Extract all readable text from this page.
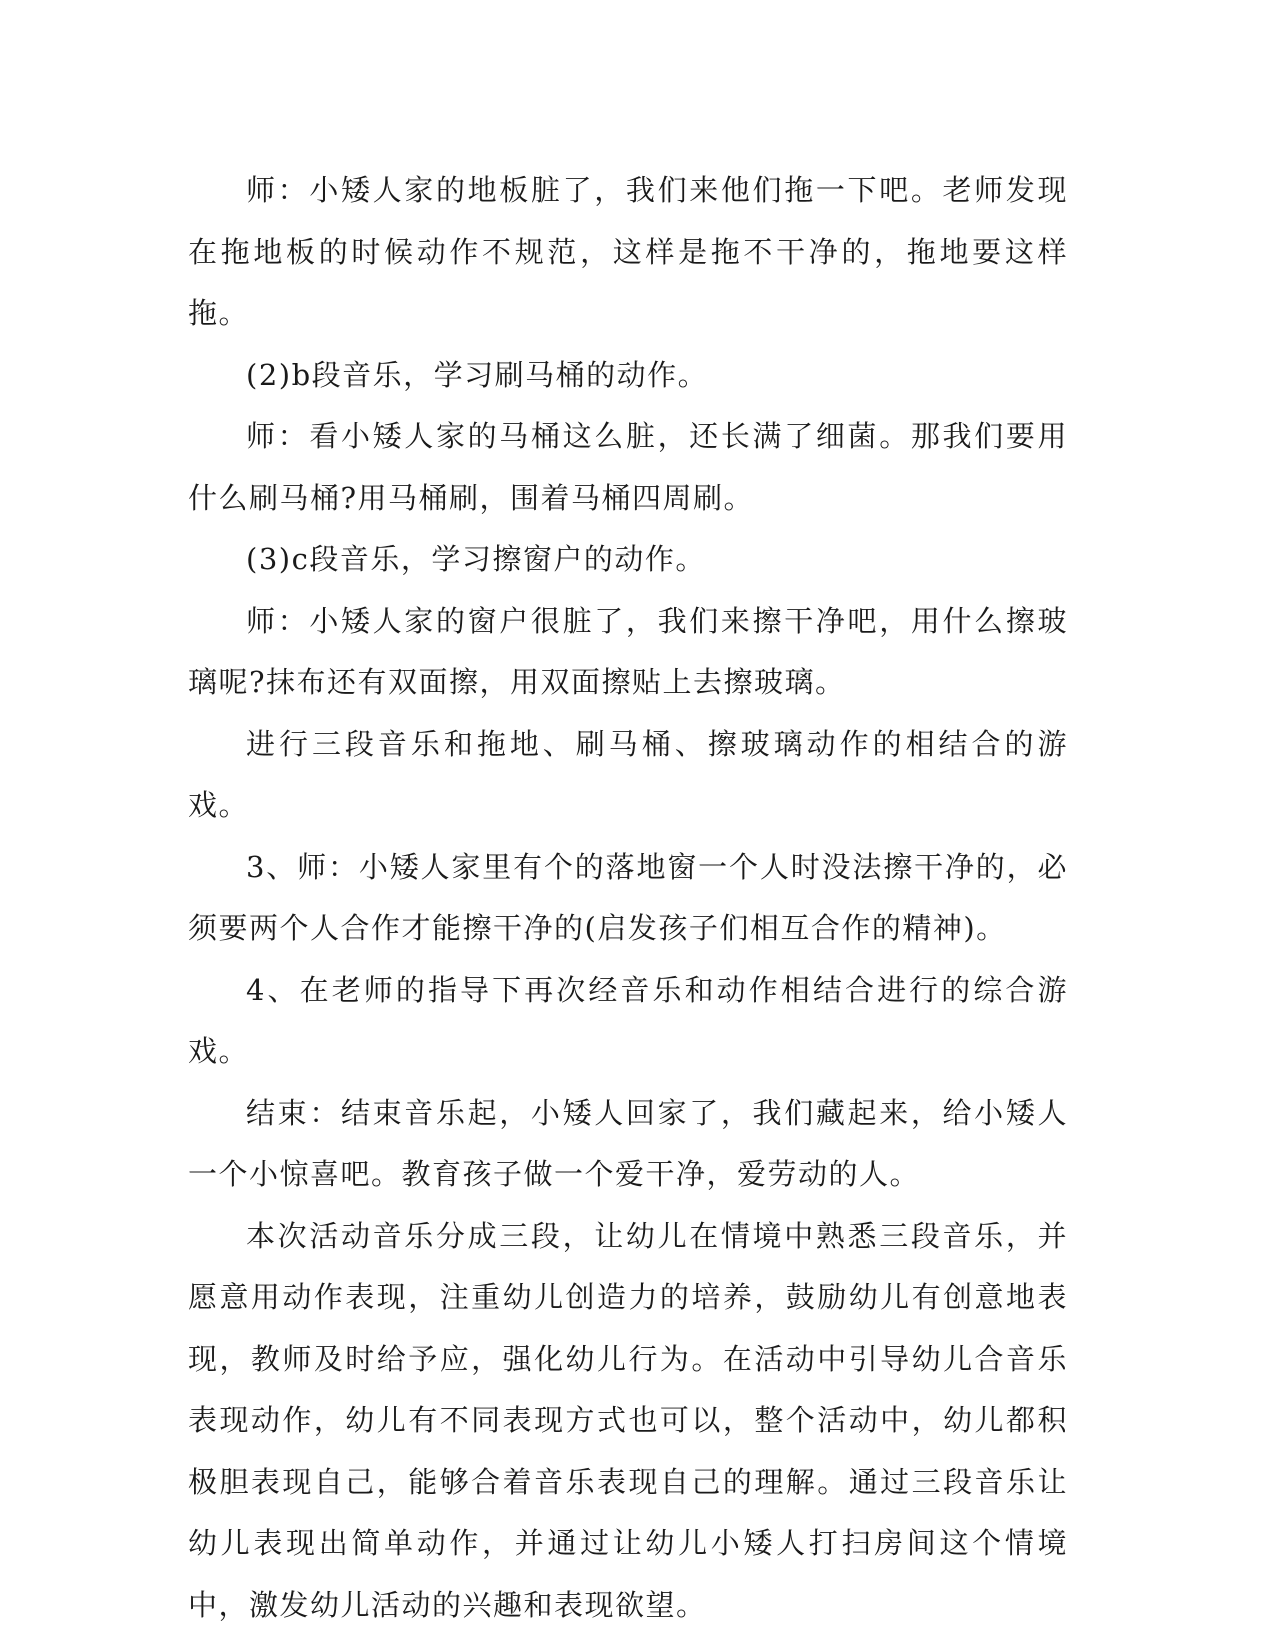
师：小矮人家的地板脏了，我们来他们拖一下吧。老师发现在拖地板的时候动作不规范，这样是拖不干净的，拖地要这样拖。

(2)b段音乐，学习刷马桶的动作。

师：看小矮人家的马桶这么脏，还长满了细菌。那我们要用什么刷马桶?用马桶刷，围着马桶四周刷。

(3)c段音乐，学习擦窗户的动作。

师：小矮人家的窗户很脏了，我们来擦干净吧，用什么擦玻璃呢?抹布还有双面擦，用双面擦贴上去擦玻璃。

进行三段音乐和拖地、刷马桶、擦玻璃动作的相结合的游戏。

3、师：小矮人家里有个的落地窗一个人时没法擦干净的，必须要两个人合作才能擦干净的(启发孩子们相互合作的精神)。

4、在老师的指导下再次经音乐和动作相结合进行的综合游戏。

结束：结束音乐起，小矮人回家了，我们藏起来，给小矮人一个小惊喜吧。教育孩子做一个爱干净，爱劳动的人。

本次活动音乐分成三段，让幼儿在情境中熟悉三段音乐，并愿意用动作表现，注重幼儿创造力的培养，鼓励幼儿有创意地表现，教师及时给予应，强化幼儿行为。在活动中引导幼儿合音乐表现动作，幼儿有不同表现方式也可以，整个活动中，幼儿都积极胆表现自己，能够合着音乐表现自己的理解。通过三段音乐让幼儿表现出简单动作，并通过让幼儿小矮人打扫房间这个情境中，激发幼儿活动的兴趣和表现欲望。
